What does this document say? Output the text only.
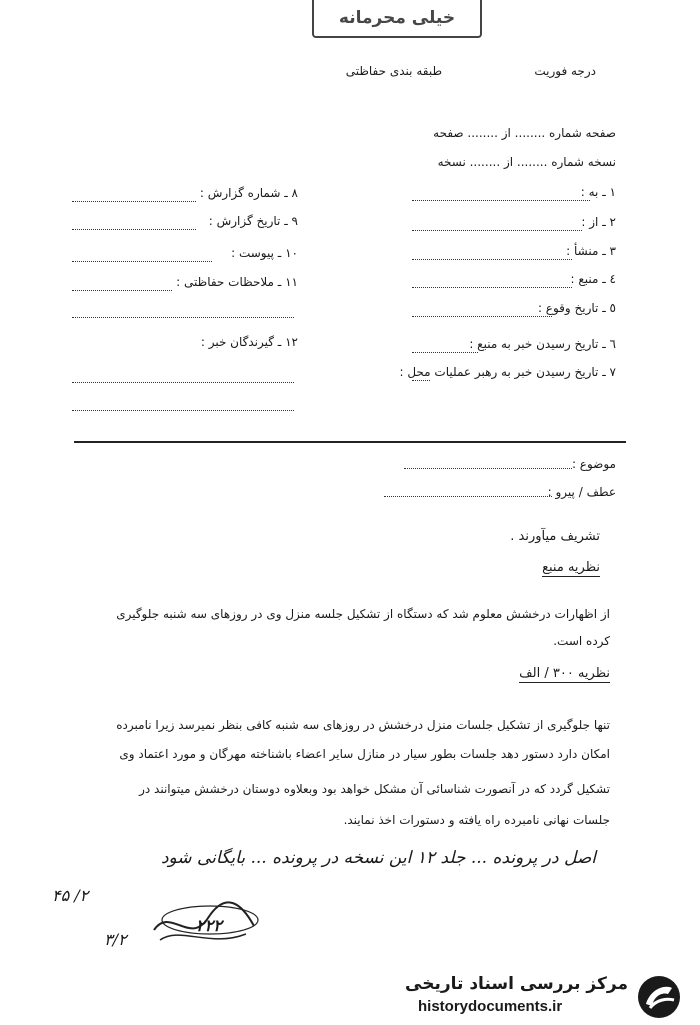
خیلی محرمانه
طبقه بندی حفاظتی	درجه فوریت
صفحه شماره ........ از ........ صفحه
نسخه شماره ........ از ........ نسخه
۱ ـ به :
۲ ـ از :
۳ ـ منشأ :
٤ ـ منبع :
٥ ـ تاریخ وقوع :
٦ ـ تاریخ رسیدن خبر به منبع :
۷ ـ تاریخ رسیدن خبر به رهبر عملیات محل :
۸ ـ شماره گزارش :
۹ ـ تاریخ گزارش :
۱۰ ـ پیوست :
۱۱ ـ ملاحظات حفاظتی :
۱۲ ـ گیرندگان خبر :
موضوع :
عطف / پیرو :
تشریف میآورند .
نظریه منبع
از اظهارات درخشش معلوم شد که دستگاه از تشکیل جلسه منزل وی در روزهای سه شنبه جلوگیری
کرده است.
نظریه ۳۰۰ / الف
تنها جلوگیری از تشکیل جلسات منزل درخشش در روزهای سه شنبه کافی بنظر نمیرسد زیرا نامبرده
امکان دارد دستور دهد جلسات بطور سیار در منازل سایر اعضاء باشناخته مهرگان و مورد اعتماد وی
تشکیل گردد که در آنصورت شناسائی آن مشکل خواهد بود وبعلاوه دوستان درخشش میتوانند در
جلسات نهانی نامبرده راه یافته و دستورات اخذ نمایند.
اصل در پرونده ... جلد ۱۲ این نسخه در پرونده ... بایگانی شود
۲/ ۴۵
۳/۲
۲۲۲
مرکز بررسی اسناد تاریخی
historydocuments.ir
